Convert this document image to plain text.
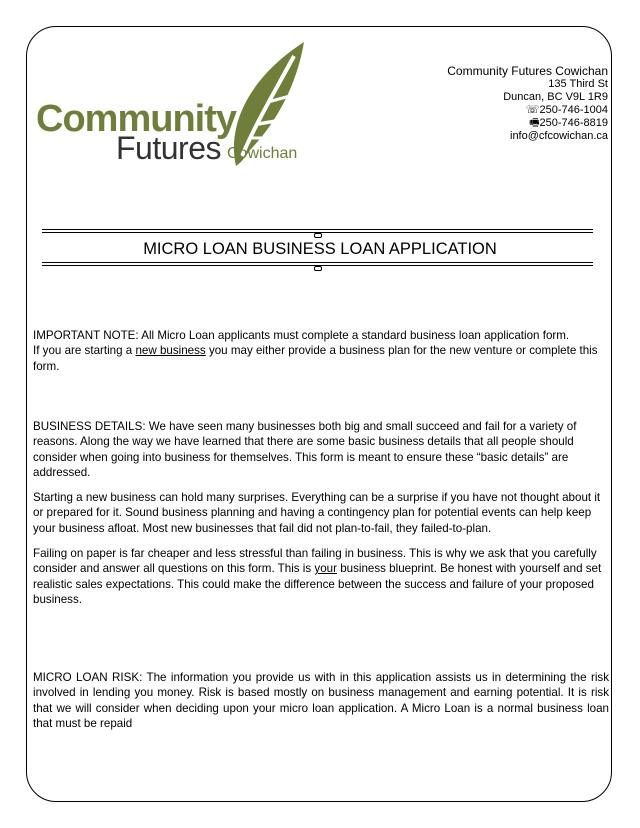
Community
Futures Cowichan
Community Futures Cowichan
135 Third St
Duncan, BC V9L 1R9
☏250-746-1004
🖷250-746-8819
info@cfcowichan.ca
MICRO LOAN BUSINESS LOAN APPLICATION

IMPORTANT NOTE: All Micro Loan applicants must complete a standard business loan application form.
If you are starting a new business you may either provide a business plan for the new venture or complete this form.

BUSINESS DETAILS: We have seen many businesses both big and small succeed and fail for a variety of reasons. Along the way we have learned that there are some basic business details that all people should consider when going into business for themselves. This form is meant to ensure these “basic details” are addressed.

Starting a new business can hold many surprises. Everything can be a surprise if you have not thought about it or prepared for it. Sound business planning and having a contingency plan for potential events can help keep your business afloat. Most new businesses that fail did not plan-to-fail, they failed-to-plan.

Failing on paper is far cheaper and less stressful than failing in business. This is why we ask that you carefully consider and answer all questions on this form. This is your business blueprint. Be honest with yourself and set realistic sales expectations. This could make the difference between the success and failure of your proposed business.

MICRO LOAN RISK: The information you provide us with in this application assists us in determining the risk involved in lending you money. Risk is based mostly on business management and earning potential. It is risk that we will consider when deciding upon your micro loan application. A Micro Loan is a normal business loan that must be repaid
